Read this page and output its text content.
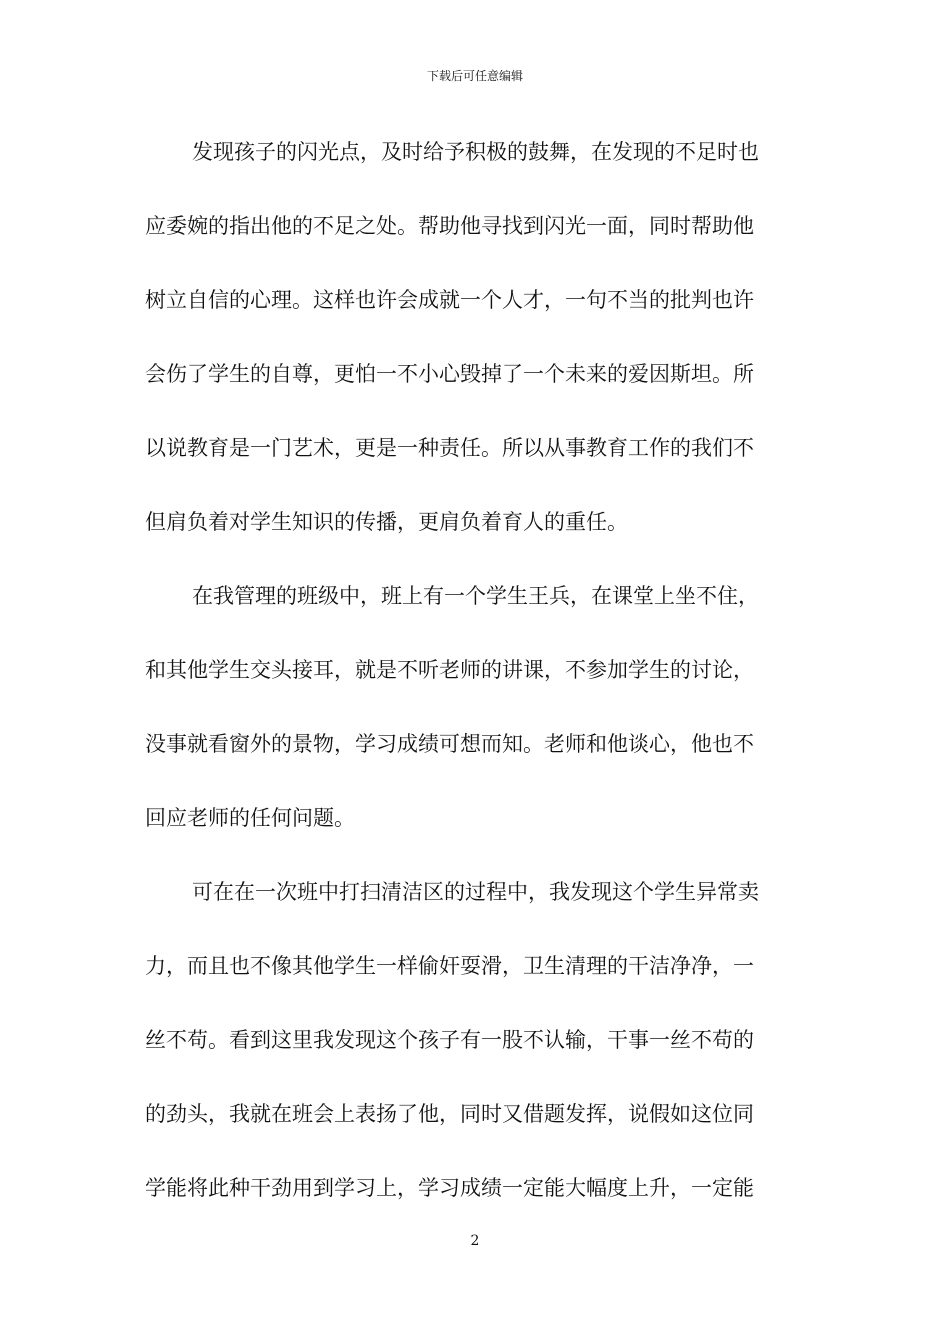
下载后可任意编辑
发现孩子的闪光点，及时给予积极的鼓舞，在发现的不足时也
应委婉的指出他的不足之处。帮助他寻找到闪光一面，同时帮助他
树立自信的心理。这样也许会成就一个人才，一句不当的批判也许
会伤了学生的自尊，更怕一不小心毁掉了一个未来的爱因斯坦。所
以说教育是一门艺术，更是一种责任。所以从事教育工作的我们不
但肩负着对学生知识的传播，更肩负着育人的重任。
在我管理的班级中，班上有一个学生王兵，在课堂上坐不住，
和其他学生交头接耳，就是不听老师的讲课，不参加学生的讨论，
没事就看窗外的景物，学习成绩可想而知。老师和他谈心，他也不
回应老师的任何问题。
可在在一次班中打扫清洁区的过程中，我发现这个学生异常卖
力，而且也不像其他学生一样偷奸耍滑，卫生清理的干洁净净，一
丝不苟。看到这里我发现这个孩子有一股不认输，干事一丝不苟的
的劲头，我就在班会上表扬了他，同时又借题发挥，说假如这位同
学能将此种干劲用到学习上，学习成绩一定能大幅度上升，一定能
2
